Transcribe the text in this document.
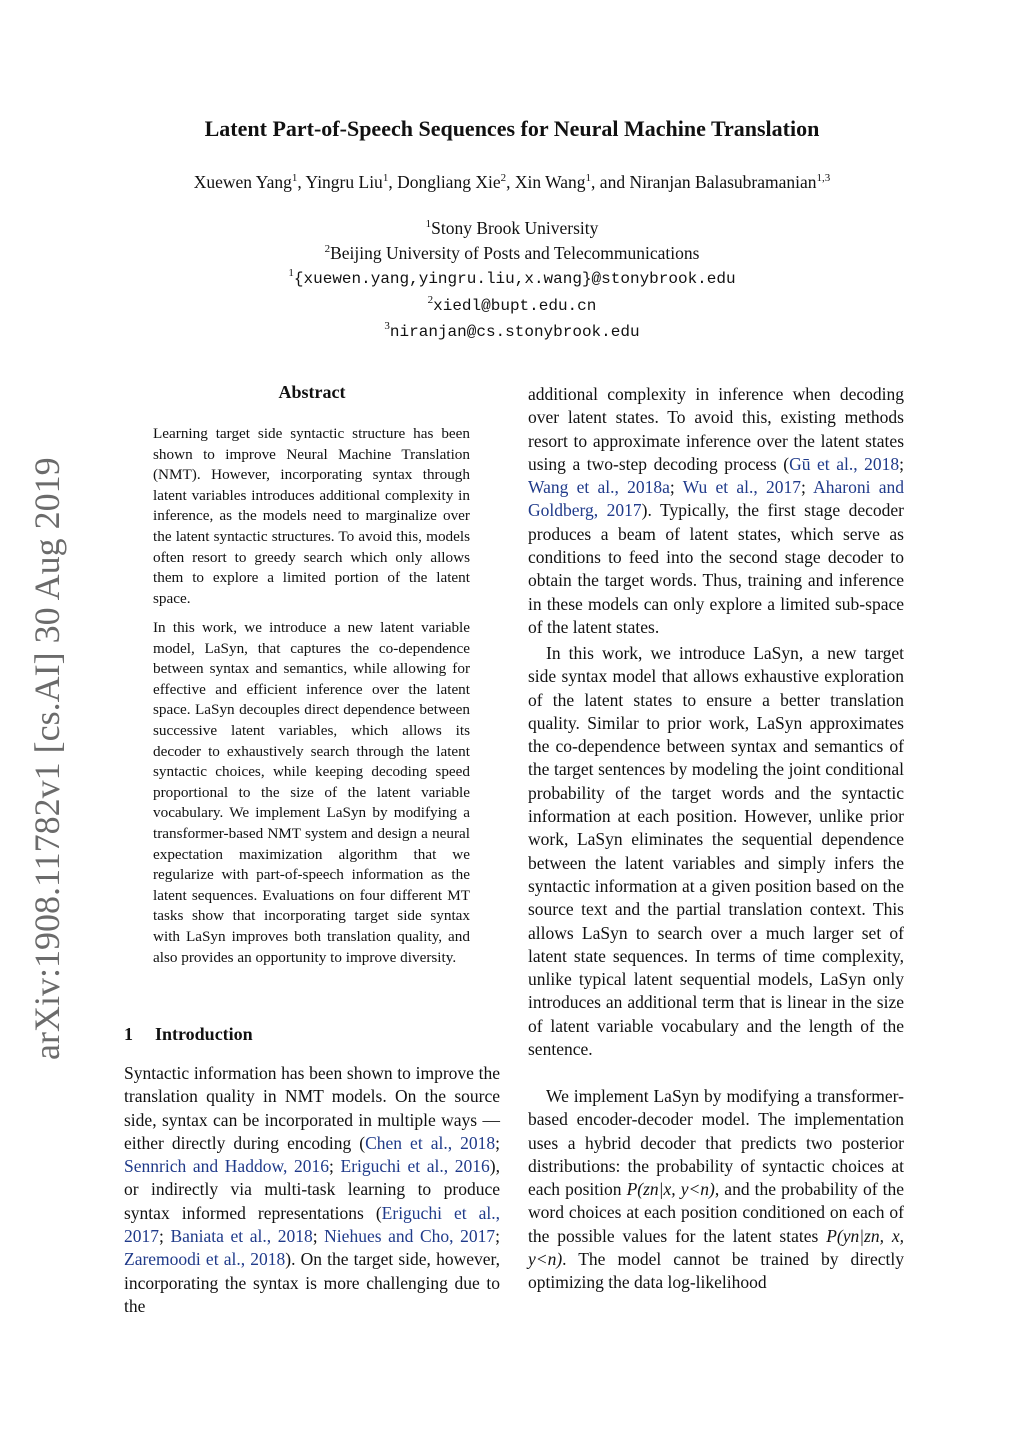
arXiv:1908.11782v1 [cs.AI] 30 Aug 2019
Latent Part-of-Speech Sequences for Neural Machine Translation
Xuewen Yang$^1$, Yingru Liu$^1$, Dongliang Xie$^2$, Xin Wang$^1$, and Niranjan Balasubramanian$^{1,3}$
$^1$Stony Brook University
$^2$Beijing University of Posts and Telecommunications
$^1${xuewen.yang,yingru.liu,x.wang}@stonybrook.edu
$^2$xiedl@bupt.edu.cn
$^3$niranjan@cs.stonybrook.edu
Abstract

Learning target side syntactic structure has been shown to improve Neural Machine Translation (NMT). However, incorporating syntax through latent variables introduces additional complexity in inference, as the models need to marginalize over the latent syntactic structures. To avoid this, models often resort to greedy search which only allows them to explore a limited portion of the latent space.

In this work, we introduce a new latent variable model, LaSyn, that captures the co-dependence between syntax and semantics, while allowing for effective and efficient inference over the latent space. LaSyn decouples direct dependence between successive latent variables, which allows its decoder to exhaustively search through the latent syntactic choices, while keeping decoding speed proportional to the size of the latent variable vocabulary. We implement LaSyn by modifying a transformer-based NMT system and design a neural expectation maximization algorithm that we regularize with part-of-speech information as the latent sequences. Evaluations on four different MT tasks show that incorporating target side syntax with LaSyn improves both translation quality, and also provides an opportunity to improve diversity.

1 Introduction

Syntactic information has been shown to improve the translation quality in NMT models. On the source side, syntax can be incorporated in multiple ways — either directly during encoding (Chen et al., 2018; Sennrich and Haddow, 2016; Eriguchi et al., 2016), or indirectly via multi-task learning to produce syntax informed representations (Eriguchi et al., 2017; Baniata et al., 2018; Niehues and Cho, 2017; Zaremoodi et al., 2018). On the target side, however, incorporating the syntax is more challenging due to the

additional complexity in inference when decoding over latent states. To avoid this, existing methods resort to approximate inference over the latent states using a two-step decoding process (Gū et al., 2018; Wang et al., 2018a; Wu et al., 2017; Aharoni and Goldberg, 2017). Typically, the first stage decoder produces a beam of latent states, which serve as conditions to feed into the second stage decoder to obtain the target words. Thus, training and inference in these models can only explore a limited sub-space of the latent states.

In this work, we introduce LaSyn, a new target side syntax model that allows exhaustive exploration of the latent states to ensure a better translation quality. Similar to prior work, LaSyn approximates the co-dependence between syntax and semantics of the target sentences by modeling the joint conditional probability of the target words and the syntactic information at each position. However, unlike prior work, LaSyn eliminates the sequential dependence between the latent variables and simply infers the syntactic information at a given position based on the source text and the partial translation context. This allows LaSyn to search over a much larger set of latent state sequences. In terms of time complexity, unlike typical latent sequential models, LaSyn only introduces an additional term that is linear in the size of latent variable vocabulary and the length of the sentence.

We implement LaSyn by modifying a transformer-based encoder-decoder model. The implementation uses a hybrid decoder that predicts two posterior distributions: the probability of syntactic choices at each position P(zn|x, y<n), and the probability of the word choices at each position conditioned on each of the possible values for the latent states P(yn|zn, x, y<n). The model cannot be trained by directly optimizing the data log-likelihood
